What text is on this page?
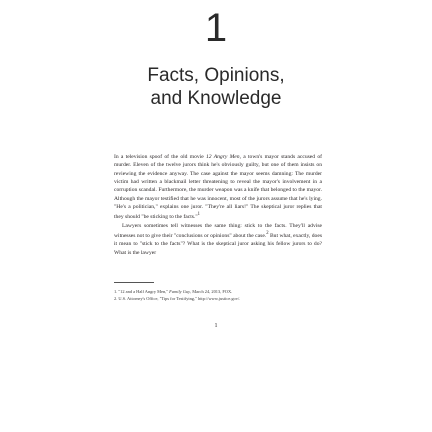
1
Facts, Opinions,
and Knowledge

In a television spoof of the old movie 12 Angry Men, a town's mayor stands accused of murder. Eleven of the twelve jurors think he's obviously guilty, but one of them insists on reviewing the evidence anyway. The case against the mayor seems damning: The murder victim had written a blackmail letter threatening to reveal the mayor's involvement in a corruption scandal. Furthermore, the murder weapon was a knife that belonged to the mayor. Although the mayor testified that he was innocent, most of the jurors assume that he's lying. "He's a politician," explains one juror. "They're all liars!" The skeptical juror replies that they should "be sticking to the facts."$^1$

Lawyers sometimes tell witnesses the same thing: stick to the facts. They'll advise witnesses not to give their "conclusions or opinions" about the case.$^2$ But what, exactly, does it mean to "stick to the facts"? What is the skeptical juror asking his fellow jurors to do? What is the lawyer

1. "12 and a Half Angry Men," Family Guy, March 24, 2013, FOX.
2. U.S. Attorney's Office, "Tips for Testifying," http://www.justice.gov/.
1
